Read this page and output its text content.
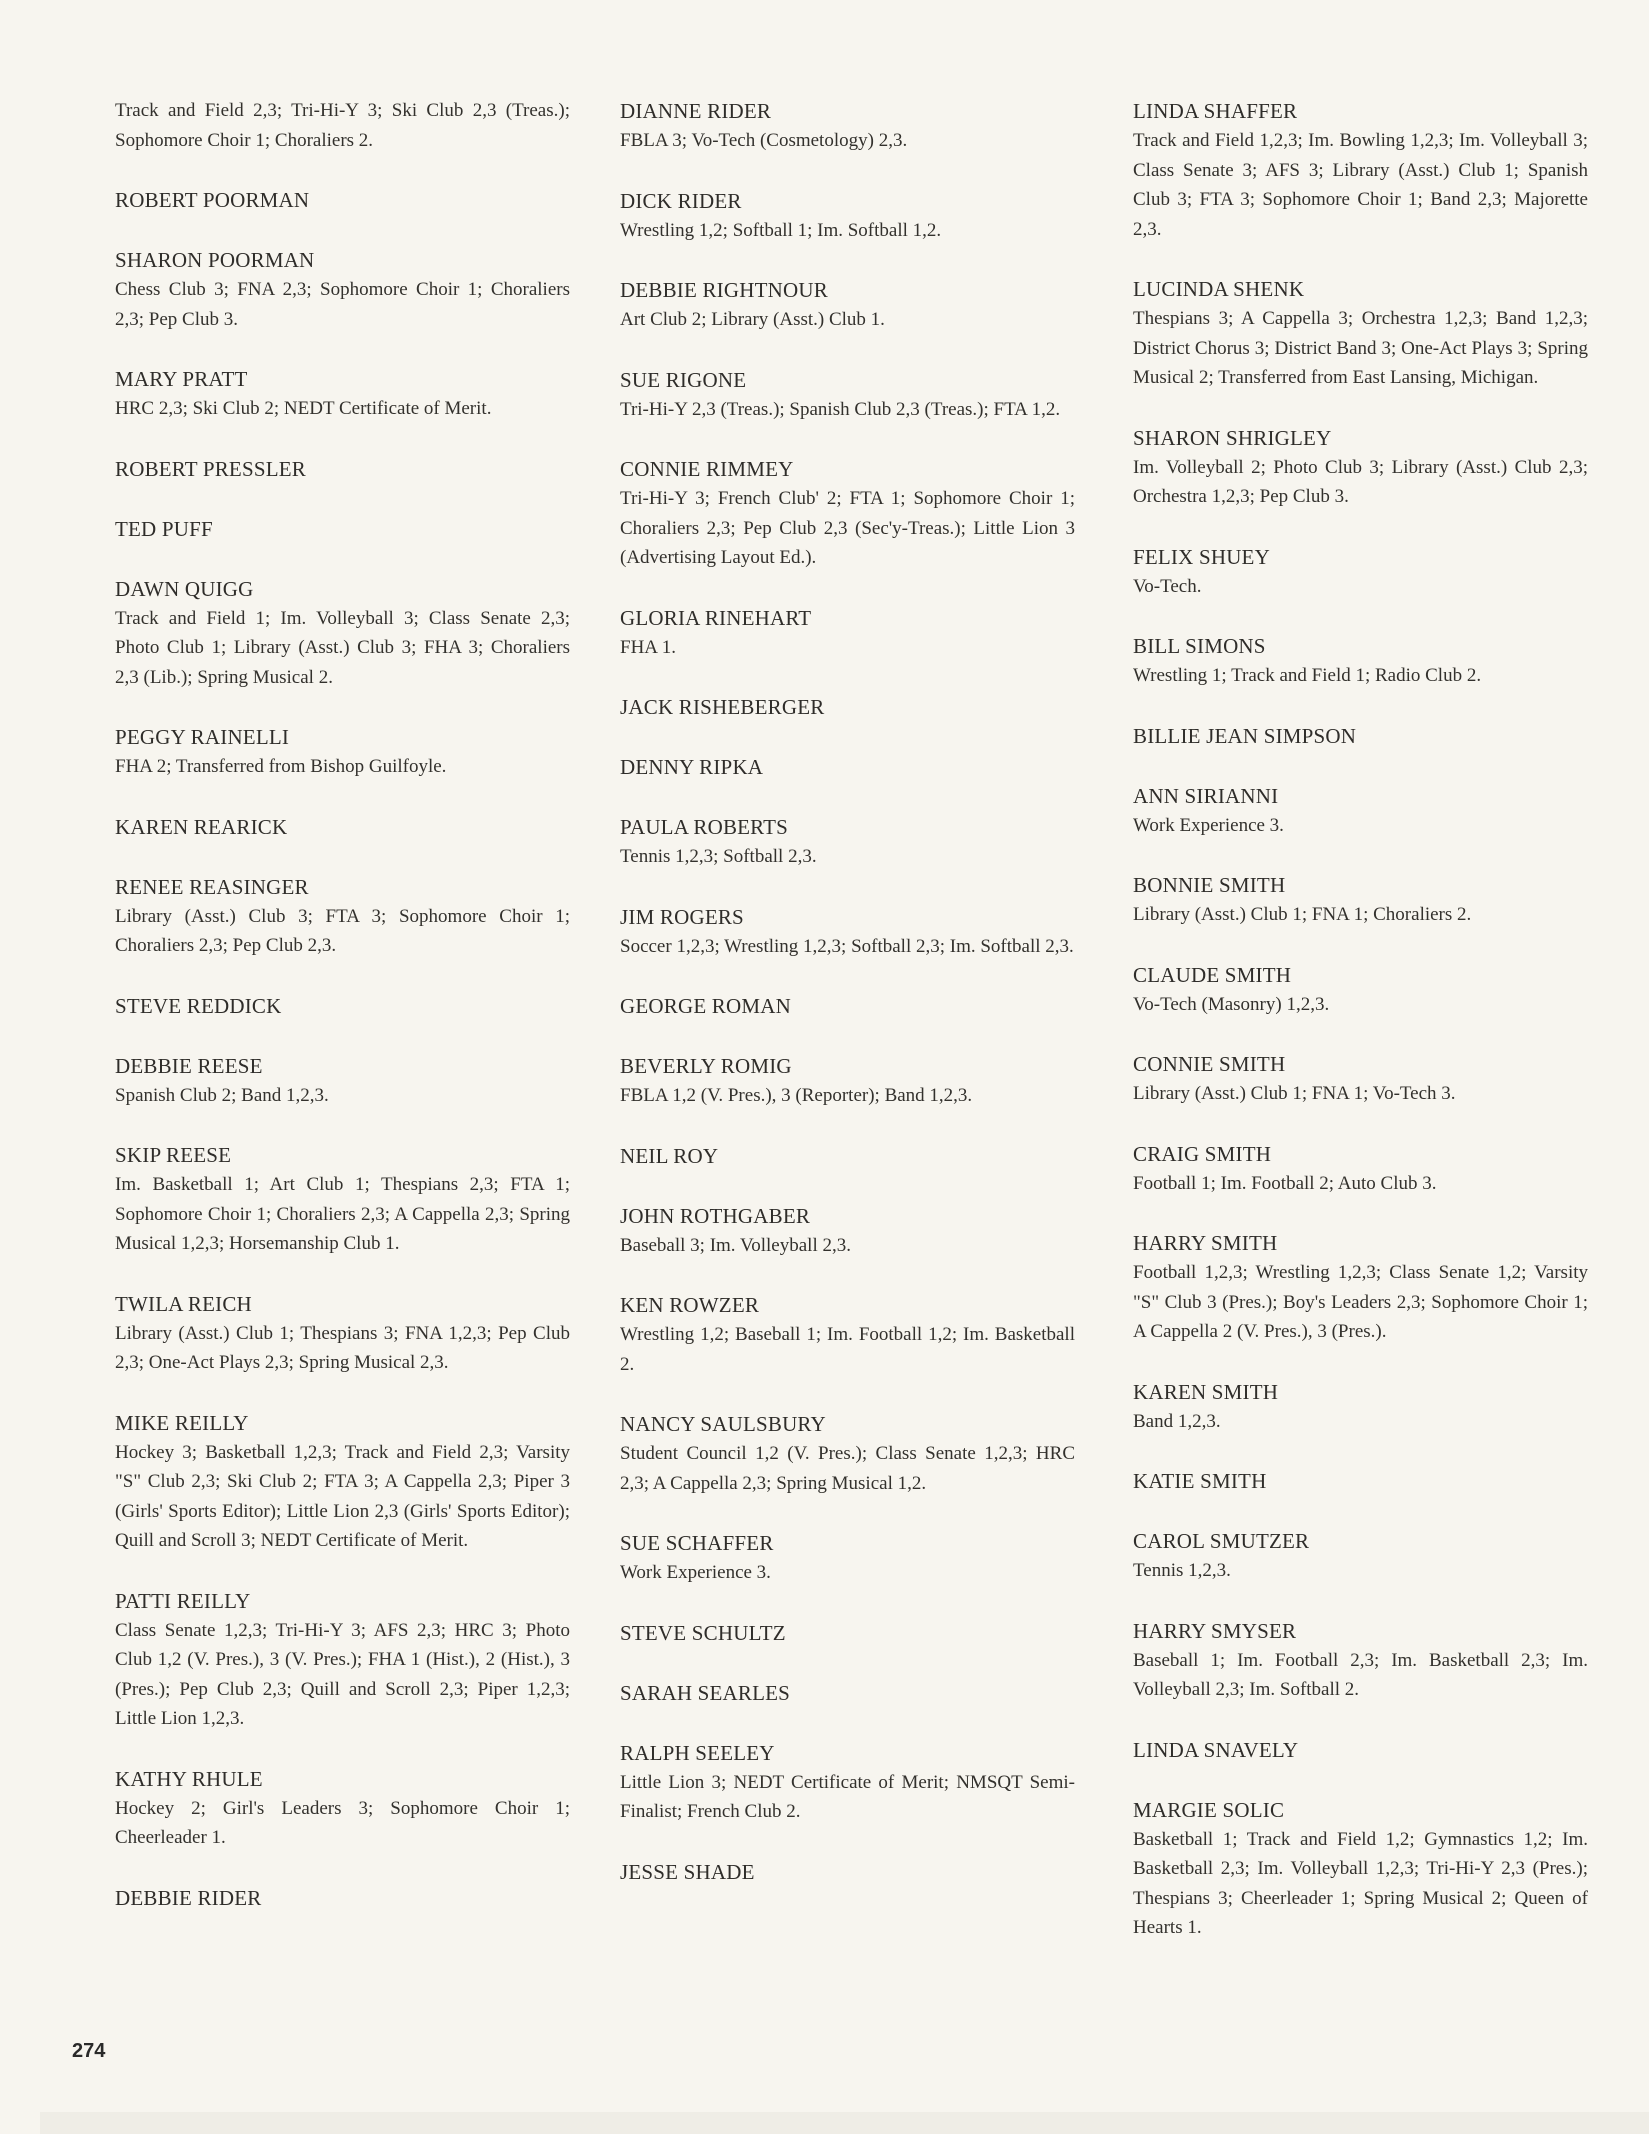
Track and Field 2,3; Tri-Hi-Y 3; Ski Club 2,3 (Treas.); Sophomore Choir 1; Choraliers 2.
ROBERT POORMAN
SHARON POORMAN
Chess Club 3; FNA 2,3; Sophomore Choir 1; Choraliers 2,3; Pep Club 3.
MARY PRATT
HRC 2,3; Ski Club 2; NEDT Certificate of Merit.
ROBERT PRESSLER
TED PUFF
DAWN QUIGG
Track and Field 1; Im. Volleyball 3; Class Senate 2,3; Photo Club 1; Library (Asst.) Club 3; FHA 3; Choraliers 2,3 (Lib.); Spring Musical 2.
PEGGY RAINELLI
FHA 2; Transferred from Bishop Guilfoyle.
KAREN REARICK
RENEE REASINGER
Library (Asst.) Club 3; FTA 3; Sophomore Choir 1; Choraliers 2,3; Pep Club 2,3.
STEVE REDDICK
DEBBIE REESE
Spanish Club 2; Band 1,2,3.
SKIP REESE
Im. Basketball 1; Art Club 1; Thespians 2,3; FTA 1; Sophomore Choir 1; Choraliers 2,3; A Cappella 2,3; Spring Musical 1,2,3; Horsemanship Club 1.
TWILA REICH
Library (Asst.) Club 1; Thespians 3; FNA 1,2,3; Pep Club 2,3; One-Act Plays 2,3; Spring Musical 2,3.
MIKE REILLY
Hockey 3; Basketball 1,2,3; Track and Field 2,3; Varsity "S" Club 2,3; Ski Club 2; FTA 3; A Cappella 2,3; Piper 3 (Girls' Sports Editor); Little Lion 2,3 (Girls' Sports Editor); Quill and Scroll 3; NEDT Certificate of Merit.
PATTI REILLY
Class Senate 1,2,3; Tri-Hi-Y 3; AFS 2,3; HRC 3; Photo Club 1,2 (V. Pres.), 3 (V. Pres.); FHA 1 (Hist.), 2 (Hist.), 3 (Pres.); Pep Club 2,3; Quill and Scroll 2,3; Piper 1,2,3; Little Lion 1,2,3.
KATHY RHULE
Hockey 2; Girl's Leaders 3; Sophomore Choir 1; Cheerleader 1.
DEBBIE RIDER
DIANNE RIDER
FBLA 3; Vo-Tech (Cosmetology) 2,3.
DICK RIDER
Wrestling 1,2; Softball 1; Im. Softball 1,2.
DEBBIE RIGHTNOUR
Art Club 2; Library (Asst.) Club 1.
SUE RIGONE
Tri-Hi-Y 2,3 (Treas.); Spanish Club 2,3 (Treas.); FTA 1,2.
CONNIE RIMMEY
Tri-Hi-Y 3; French Club' 2; FTA 1; Sophomore Choir 1; Choraliers 2,3; Pep Club 2,3 (Sec'y-Treas.); Little Lion 3 (Advertising Layout Ed.).
GLORIA RINEHART
FHA 1.
JACK RISHEBERGER
DENNY RIPKA
PAULA ROBERTS
Tennis 1,2,3; Softball 2,3.
JIM ROGERS
Soccer 1,2,3; Wrestling 1,2,3; Softball 2,3; Im. Softball 2,3.
GEORGE ROMAN
BEVERLY ROMIG
FBLA 1,2 (V. Pres.), 3 (Reporter); Band 1,2,3.
NEIL ROY
JOHN ROTHGABER
Baseball 3; Im. Volleyball 2,3.
KEN ROWZER
Wrestling 1,2; Baseball 1; Im. Football 1,2; Im. Basketball 2.
NANCY SAULSBURY
Student Council 1,2 (V. Pres.); Class Senate 1,2,3; HRC 2,3; A Cappella 2,3; Spring Musical 1,2.
SUE SCHAFFER
Work Experience 3.
STEVE SCHULTZ
SARAH SEARLES
RALPH SEELEY
Little Lion 3; NEDT Certificate of Merit; NMSQT Semi-Finalist; French Club 2.
JESSE SHADE
LINDA SHAFFER
Track and Field 1,2,3; Im. Bowling 1,2,3; Im. Volleyball 3; Class Senate 3; AFS 3; Library (Asst.) Club 1; Spanish Club 3; FTA 3; Sophomore Choir 1; Band 2,3; Majorette 2,3.
LUCINDA SHENK
Thespians 3; A Cappella 3; Orchestra 1,2,3; Band 1,2,3; District Chorus 3; District Band 3; One-Act Plays 3; Spring Musical 2; Transferred from East Lansing, Michigan.
SHARON SHRIGLEY
Im. Volleyball 2; Photo Club 3; Library (Asst.) Club 2,3; Orchestra 1,2,3; Pep Club 3.
FELIX SHUEY
Vo-Tech.
BILL SIMONS
Wrestling 1; Track and Field 1; Radio Club 2.
BILLIE JEAN SIMPSON
ANN SIRIANNI
Work Experience 3.
BONNIE SMITH
Library (Asst.) Club 1; FNA 1; Choraliers 2.
CLAUDE SMITH
Vo-Tech (Masonry) 1,2,3.
CONNIE SMITH
Library (Asst.) Club 1; FNA 1; Vo-Tech 3.
CRAIG SMITH
Football 1; Im. Football 2; Auto Club 3.
HARRY SMITH
Football 1,2,3; Wrestling 1,2,3; Class Senate 1,2; Varsity "S" Club 3 (Pres.); Boy's Leaders 2,3; Sophomore Choir 1; A Cappella 2 (V. Pres.), 3 (Pres.).
KAREN SMITH
Band 1,2,3.
KATIE SMITH
CAROL SMUTZER
Tennis 1,2,3.
HARRY SMYSER
Baseball 1; Im. Football 2,3; Im. Basketball 2,3; Im. Volleyball 2,3; Im. Softball 2.
LINDA SNAVELY
MARGIE SOLIC
Basketball 1; Track and Field 1,2; Gymnastics 1,2; Im. Basketball 2,3; Im. Volleyball 1,2,3; Tri-Hi-Y 2,3 (Pres.); Thespians 3; Cheerleader 1; Spring Musical 2; Queen of Hearts 1.
274
